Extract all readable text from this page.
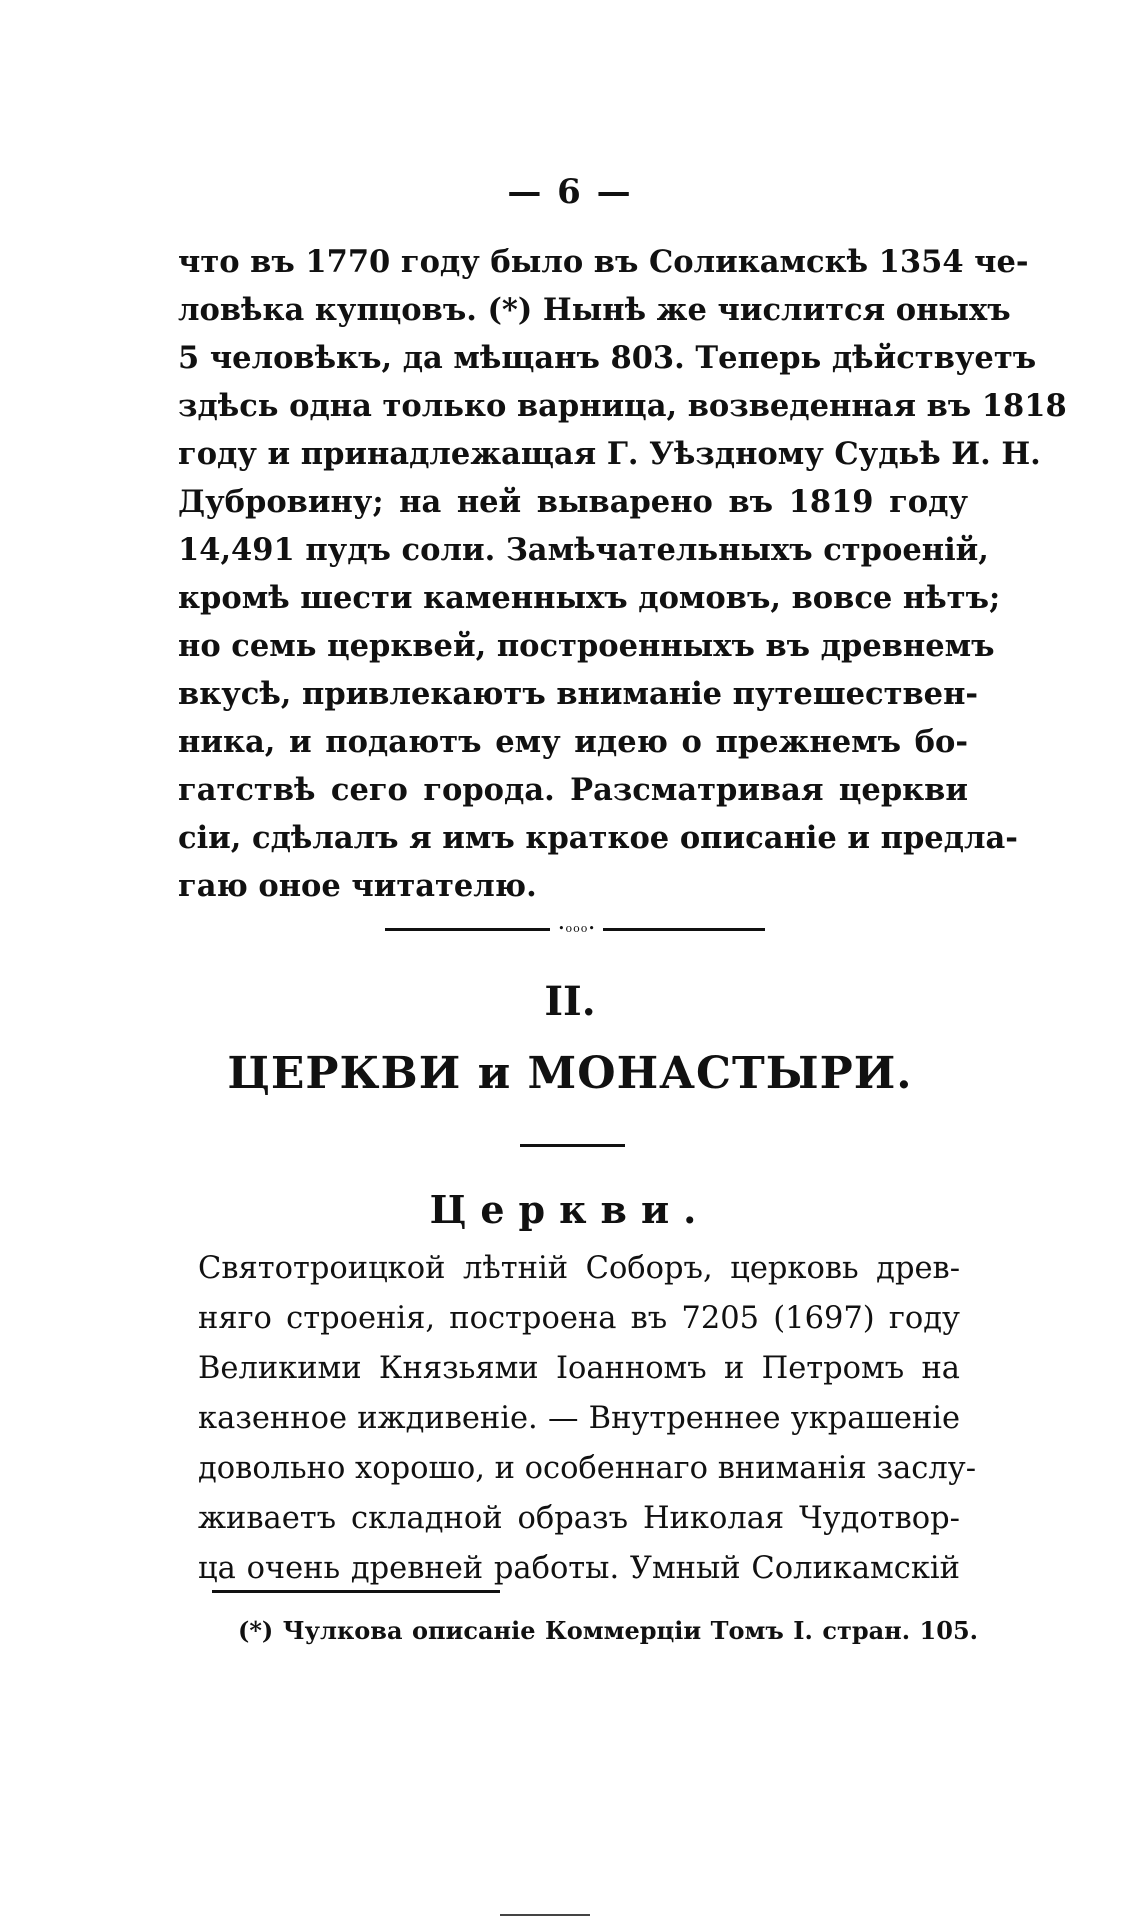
— 6 —
что въ 1770 году было въ Соликамскѣ 1354 че-
ловѣка купцовъ. (*) Нынѣ же числится оныхъ
5 человѣкъ, да мѣщанъ 803. Теперь дѣйствуетъ
здѣсь одна только варница, возведенная въ 1818
году и принадлежащая Г. Уѣздному Судьѣ И. Н.
Дубровину; на ней выварено въ 1819 году
14,491 пудъ соли. Замѣчательныхъ строеній,
кромѣ шести каменныхъ домовъ, вовсе нѣтъ;
но семь церквей, построенныхъ въ древнемъ
вкусѣ, привлекаютъ вниманіе путешествен-
ника, и подаютъ ему идею о прежнемъ бо-
гатствѣ сего города. Разсматривая церкви
сіи, сдѣлалъ я имъ краткое описаніе и предла-
гаю оное читателю.
•ooo•
II.
ЦЕРКВИ и МОНАСТЫРИ.
Церкви.
Святотроицкой лѣтній Соборъ, церковь древ-
няго строенія, построена въ 7205 (1697) году
Великими Князьями Іоанномъ и Петромъ на
казенное иждивеніе. — Внутреннее украшеніе
довольно хорошо, и особеннаго вниманія заслу-
живаетъ складной образъ Николая Чудотвор-
ца очень древней работы. Умный Соликамскій
(*) Чулкова описаніе Коммерціи Томъ I. стран. 105.
